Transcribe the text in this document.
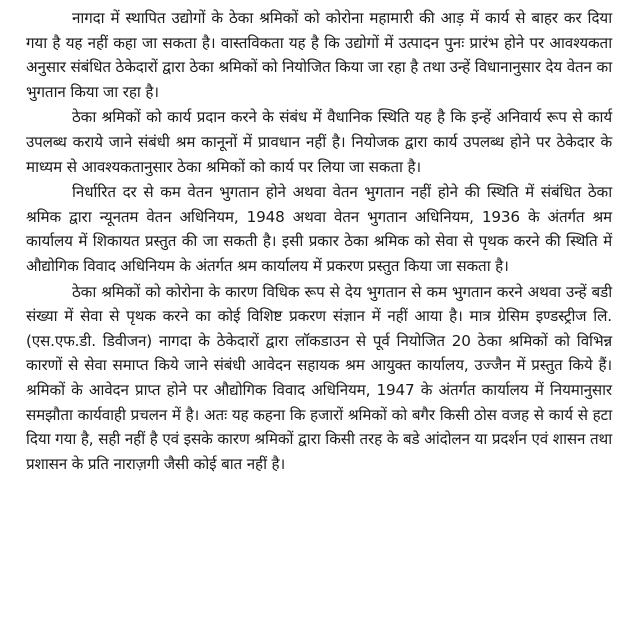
नागदा में स्थापित उद्योगों के ठेका श्रमिकों को कोरोना महामारी की आड़ में कार्य से बाहर कर दिया गया है यह नहीं कहा जा सकता है। वास्तविकता यह है कि उद्योगों में उत्पादन पुनः प्रारंभ होने पर आवश्यकता अनुसार संबंधित ठेकेदारों द्वारा ठेका श्रमिकों को नियोजित किया जा रहा है तथा उन्हें विधानानुसार देय वेतन का भुगतान किया जा रहा है।

ठेका श्रमिकों को कार्य प्रदान करने के संबंध में वैधानिक स्थिति यह है कि इन्हें अनिवार्य रूप से कार्य उपलब्ध कराये जाने संबंधी श्रम कानूनों में प्रावधान नहीं है। नियोजक द्वारा कार्य उपलब्ध होने पर ठेकेदार के माध्यम से आवश्यकतानुसार ठेका श्रमिकों को कार्य पर लिया जा सकता है।

निर्धारित दर से कम वेतन भुगतान होने अथवा वेतन भुगतान नहीं होने की स्थिति में संबंधित ठेका श्रमिक द्वारा न्यूनतम वेतन अधिनियम, 1948 अथवा वेतन भुगतान अधिनियम, 1936 के अंतर्गत श्रम कार्यालय में शिकायत प्रस्तुत की जा सकती है। इसी प्रकार ठेका श्रमिक को सेवा से पृथक करने की स्थिति में औद्योगिक विवाद अधिनियम के अंतर्गत श्रम कार्यालय में प्रकरण प्रस्तुत किया जा सकता है।

ठेका श्रमिकों को कोरोना के कारण विधिक रूप से देय भुगतान से कम भुगतान करने अथवा उन्हें बडी संख्या में सेवा से पृथक करने का कोई विशिष्ट प्रकरण संज्ञान में नहीं आया है। मात्र ग्रेसिम इण्डस्ट्रीज लि. (एस.एफ.डी. डिवीजन) नागदा के ठेकेदारों द्वारा लॉकडाउन से पूर्व नियोजित 20 ठेका श्रमिकों को विभिन्न कारणों से सेवा समाप्त किये जाने संबंधी आवेदन सहायक श्रम आयुक्त कार्यालय, उज्जैन में प्रस्तुत किये हैं। श्रमिकों के आवेदन प्राप्त होने पर औद्योगिक विवाद अधिनियम, 1947 के अंतर्गत कार्यालय में नियमानुसार समझौता कार्यवाही प्रचलन में है। अतः यह कहना कि हजारों श्रमिकों को बगैर किसी ठोस वजह से कार्य से हटा दिया गया है, सही नहीं है एवं इसके कारण श्रमिकों द्वारा किसी तरह के बडे आंदोलन या प्रदर्शन एवं शासन तथा प्रशासन के प्रति नाराज़गी जैसी कोई बात नहीं है।
